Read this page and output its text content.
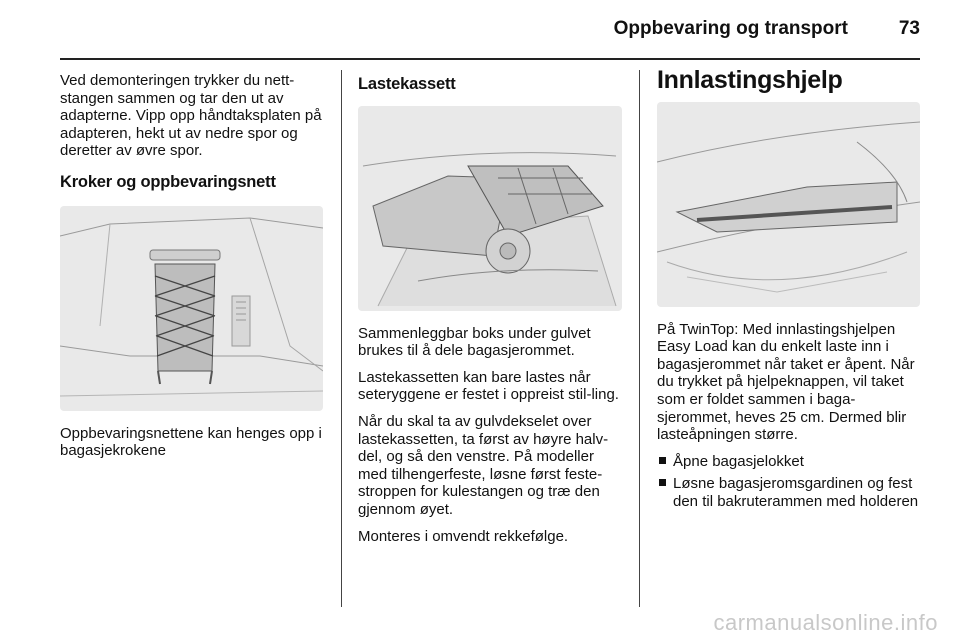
Oppbevaring og transport	73

Ved demonteringen trykker du nett-stangen sammen og tar den ut av adapterne. Vipp opp håndtaksplaten på adapteren, hekt ut av nedre spor og deretter av øvre spor.

Kroker og oppbevaringsnett

Oppbevaringsnettene kan henges opp i bagasjekrokene

Lastekassett

Sammenleggbar boks under gulvet brukes til å dele bagasjerommet.

Lastekassetten kan bare lastes når seteryggene er festet i oppreist stil-ling.

Når du skal ta av gulvdekselet over lastekassetten, ta først av høyre halv-del, og så den venstre. På modeller med tilhengerfeste, løsne først feste-stroppen for kulestangen og træ den gjennom øyet.

Monteres i omvendt rekkefølge.

Innlastingshjelp

På TwinTop: Med innlastingshjelpen Easy Load kan du enkelt laste inn i bagasjerommet når taket er åpent. Når du trykket på hjelpeknappen, vil taket som er foldet sammen i baga-sjerommet, heves 25 cm. Dermed blir lasteåpningen større.

Åpne bagasjelokket
Løsne bagasjeromsgardinen og fest den til bakruterammen med holderen
carmanualsonline.info
